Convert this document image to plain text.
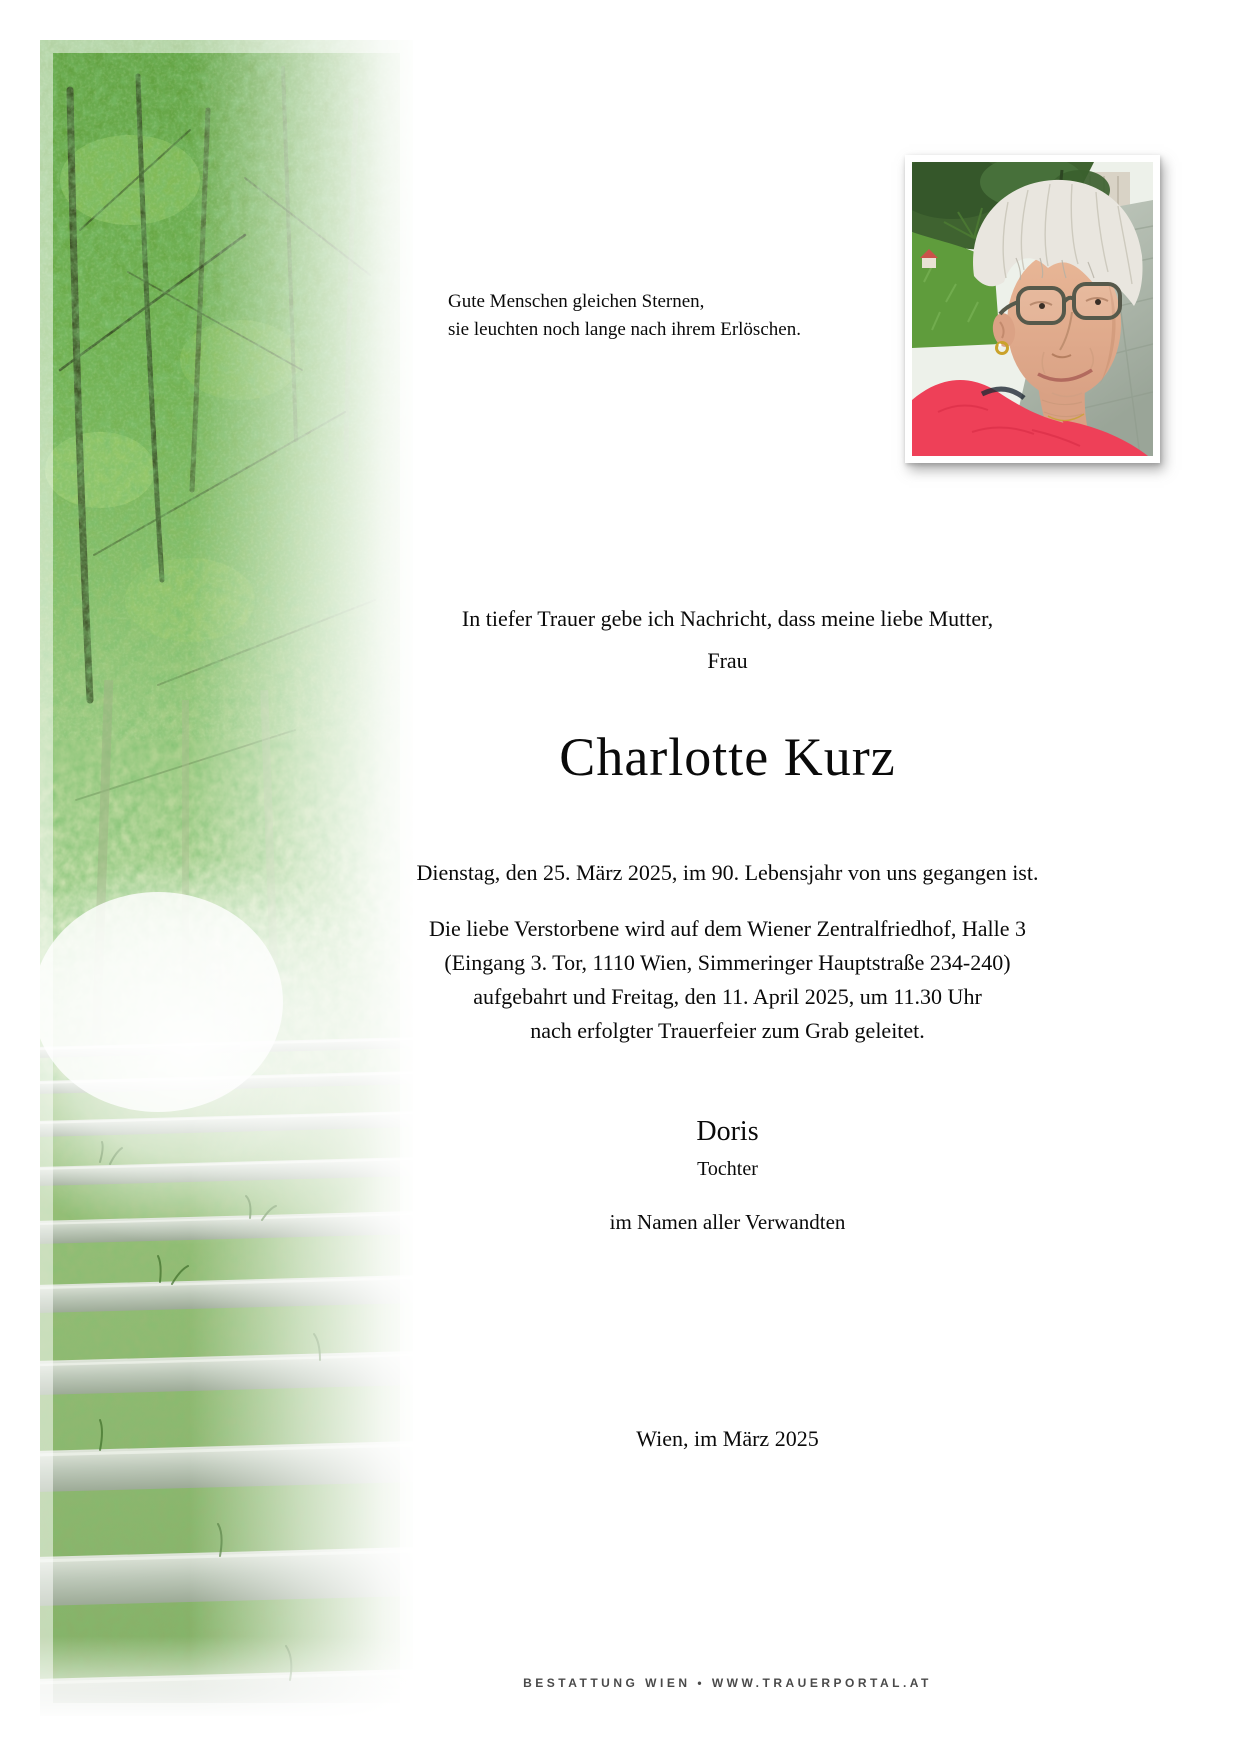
Gute Menschen gleichen Sternen,
sie leuchten noch lange nach ihrem Erlöschen.

In tiefer Trauer gebe ich Nachricht, dass meine liebe Mutter,

Frau

Charlotte Kurz

Dienstag, den 25. März 2025, im 90. Lebensjahr von uns gegangen ist.

Die liebe Verstorbene wird auf dem Wiener Zentralfriedhof, Halle 3
(Eingang 3. Tor, 1110 Wien, Simmeringer Hauptstraße 234-240)
aufgebahrt und Freitag, den 11. April 2025, um 11.30 Uhr
nach erfolgter Trauerfeier zum Grab geleitet.

Doris

Tochter

im Namen aller Verwandten

Wien, im März 2025

BESTATTUNG WIEN • WWW.TRAUERPORTAL.AT
